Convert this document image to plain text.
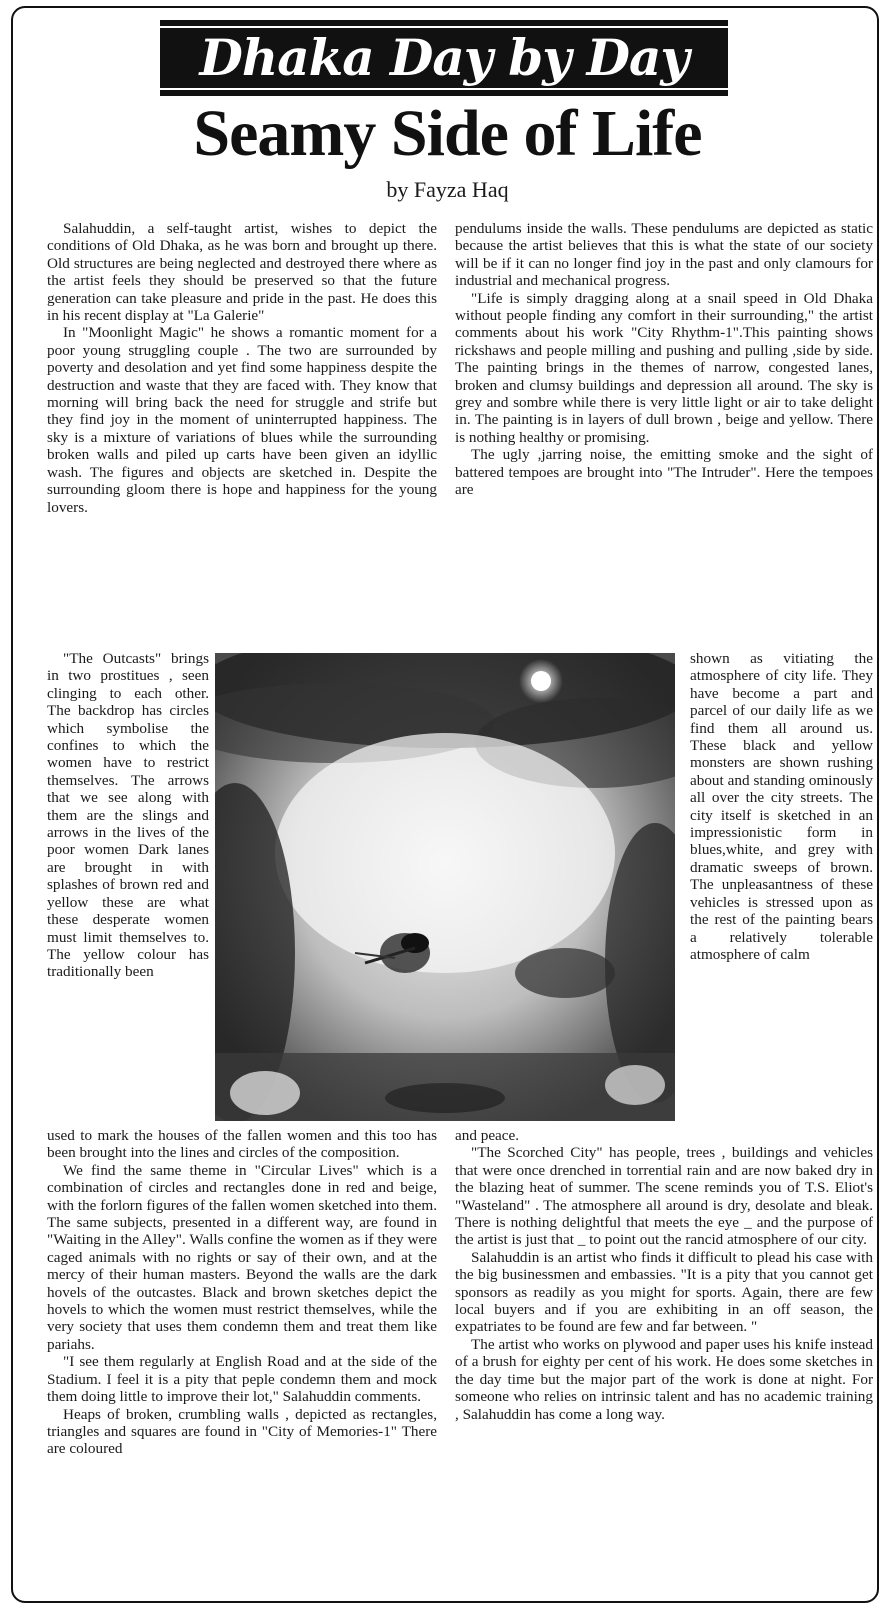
Dhaka Day by Day
Seamy Side of Life
by Fayza Haq

Salahuddin, a self-taught artist, wishes to depict the conditions of Old Dhaka, as he was born and brought up there. Old structures are being neglected and destroyed there where as the artist feels they should be preserved so that the future generation can take pleasure and pride in the past. He does this in his recent display at "La Galerie"

In "Moonlight Magic" he shows a romantic moment for a poor young struggling couple . The two are surrounded by poverty and desolation and yet find some happiness despite the destruction and waste that they are faced with. They know that morning will bring back the need for struggle and strife but they find joy in the moment of uninterrupted happiness. The sky is a mixture of variations of blues while the surrounding broken walls and piled up carts have been given an idyllic wash. The figures and objects are sketched in. Despite the surrounding gloom there is hope and happiness for the young lovers.

pendulums inside the walls. These pendulums are depicted as static because the artist believes that this is what the state of our society will be if it can no longer find joy in the past and only clamours for industrial and mechanical progress.

"Life is simply dragging along at a snail speed in Old Dhaka without people finding any comfort in their surrounding," the artist comments about his work "City Rhythm-1".This painting shows rickshaws and people milling and pushing and pulling ,side by side. The painting brings in the themes of narrow, congested lanes, broken and clumsy buildings and depression all around. The sky is grey and sombre while there is very little light or air to take delight in. The painting is in layers of dull brown , beige and yellow. There is nothing healthy or promising.

The ugly ,jarring noise, the emitting smoke and the sight of battered tempoes are brought into "The Intruder". Here the tempoes are

"The Outcasts" brings in two prostitues , seen clinging to each other. The backdrop has circles which symbolise the confines to which the women have to restrict themselves. The arrows that we see along with them are the slings and arrows in the lives of the poor women Dark lanes are brought in with splashes of brown red and yellow these are what these desperate women must limit themselves to. The yellow colour has traditionally been
shown as vitiating the atmosphere of city life. They have become a part and parcel of our daily life as we find them all around us. These black and yellow monsters are shown rushing about and standing ominously all over the city streets. The city itself is sketched in an impressionistic form in blues,white, and grey with dramatic sweeps of brown. The unpleasantness of these vehicles is stressed upon as the rest of the painting bears a relatively tolerable atmosphere of calm

used to mark the houses of the fallen women and this too has been brought into the lines and circles of the composition.

We find the same theme in "Circular Lives" which is a combination of circles and rectangles done in red and beige, with the forlorn figures of the fallen women sketched into them. The same subjects, presented in a different way, are found in "Waiting in the Alley". Walls confine the women as if they were caged animals with no rights or say of their own, and at the mercy of their human masters. Beyond the walls are the dark hovels of the outcastes. Black and brown sketches depict the hovels to which the women must restrict themselves, while the very society that uses them condemn them and treat them like pariahs.

"I see them regularly at English Road and at the side of the Stadium. I feel it is a pity that peple condemn them and mock them doing little to improve their lot," Salahuddin comments.

Heaps of broken, crumbling walls , depicted as rectangles, triangles and squares are found in "City of Memories-1" There are coloured

and peace.

"The Scorched City" has people, trees , buildings and vehicles that were once drenched in torrential rain and are now baked dry in the blazing heat of summer. The scene reminds you of T.S. Eliot's "Wasteland" . The atmosphere all around is dry, desolate and bleak. There is nothing delightful that meets the eye _ and the purpose of the artist is just that _ to point out the rancid atmosphere of our city.

Salahuddin is an artist who finds it difficult to plead his case with the big businessmen and embassies. "It is a pity that you cannot get sponsors as readily as you might for sports. Again, there are few local buyers and if you are exhibiting in an off season, the expatriates to be found are few and far between. "

The artist who works on plywood and paper uses his knife instead of a brush for eighty per cent of his work. He does some sketches in the day time but the major part of the work is done at night. For someone who relies on intrinsic talent and has no academic training , Salahuddin has come a long way.
